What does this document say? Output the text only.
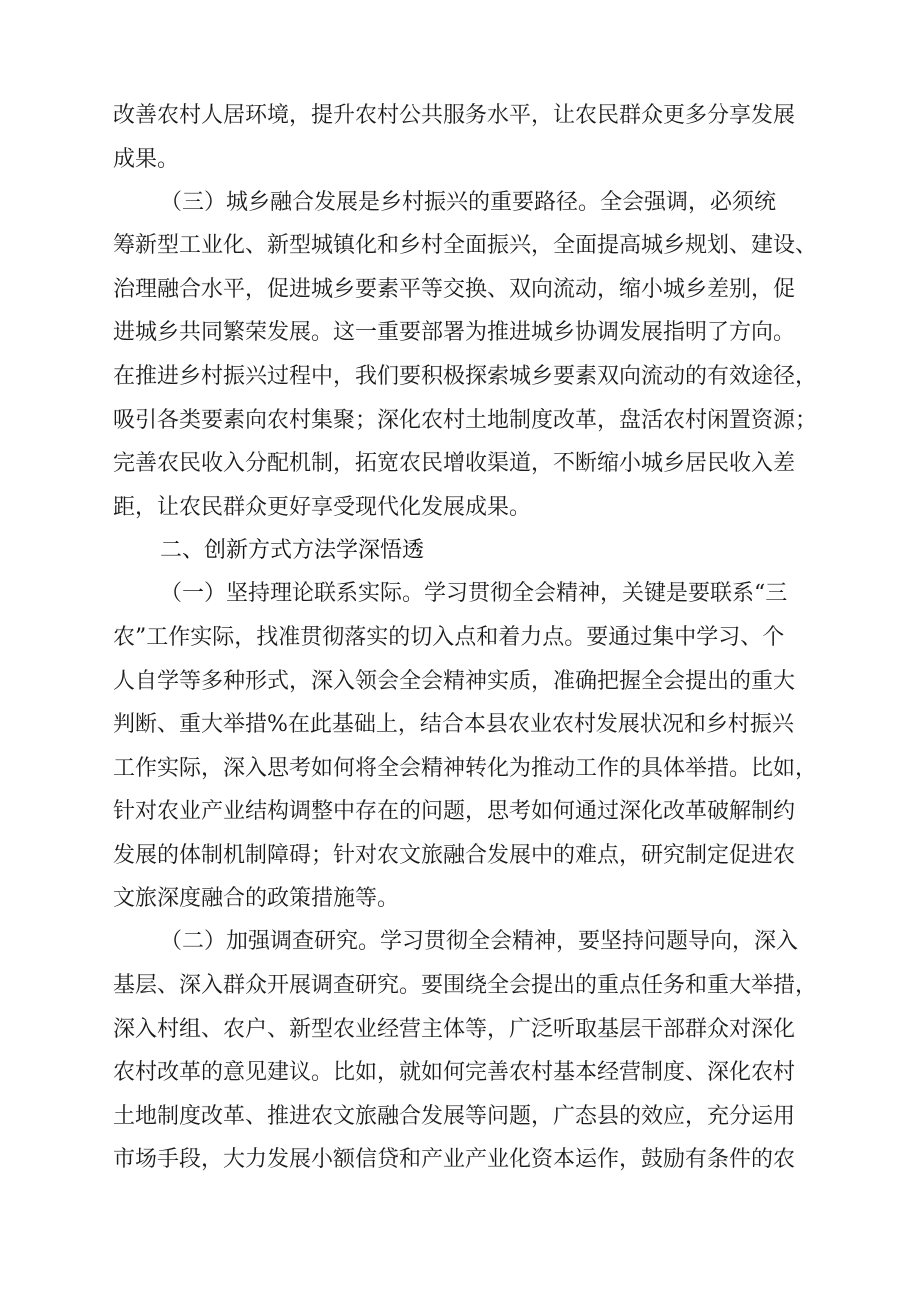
改善农村人居环境，提升农村公共服务水平，让农民群众更多分享发展
成果。
（三）城乡融合发展是乡村振兴的重要路径。全会强调，必须统
筹新型工业化、新型城镇化和乡村全面振兴，全面提高城乡规划、建设、
治理融合水平，促进城乡要素平等交换、双向流动，缩小城乡差别，促
进城乡共同繁荣发展。这一重要部署为推进城乡协调发展指明了方向。
在推进乡村振兴过程中，我们要积极探索城乡要素双向流动的有效途径，
吸引各类要素向农村集聚；深化农村土地制度改革，盘活农村闲置资源；
完善农民收入分配机制，拓宽农民增收渠道，不断缩小城乡居民收入差
距，让农民群众更好享受现代化发展成果。
二、创新方式方法学深悟透
（一）坚持理论联系实际。学习贯彻全会精神，关键是要联系“三
农”工作实际，找准贯彻落实的切入点和着力点。要通过集中学习、个
人自学等多种形式，深入领会全会精神实质，准确把握全会提出的重大
判断、重大举措%在此基础上，结合本县农业农村发展状况和乡村振兴
工作实际，深入思考如何将全会精神转化为推动工作的具体举措。比如，
针对农业产业结构调整中存在的问题，思考如何通过深化改革破解制约
发展的体制机制障碍；针对农文旅融合发展中的难点，研究制定促进农
文旅深度融合的政策措施等。
（二）加强调查研究。学习贯彻全会精神，要坚持问题导向，深入
基层、深入群众开展调查研究。要围绕全会提出的重点任务和重大举措，
深入村组、农户、新型农业经营主体等，广泛听取基层干部群众对深化
农村改革的意见建议。比如，就如何完善农村基本经营制度、深化农村
土地制度改革、推进农文旅融合发展等问题，广态县的效应，充分运用
市场手段，大力发展小额信贷和产业产业化资本运作，鼓励有条件的农
